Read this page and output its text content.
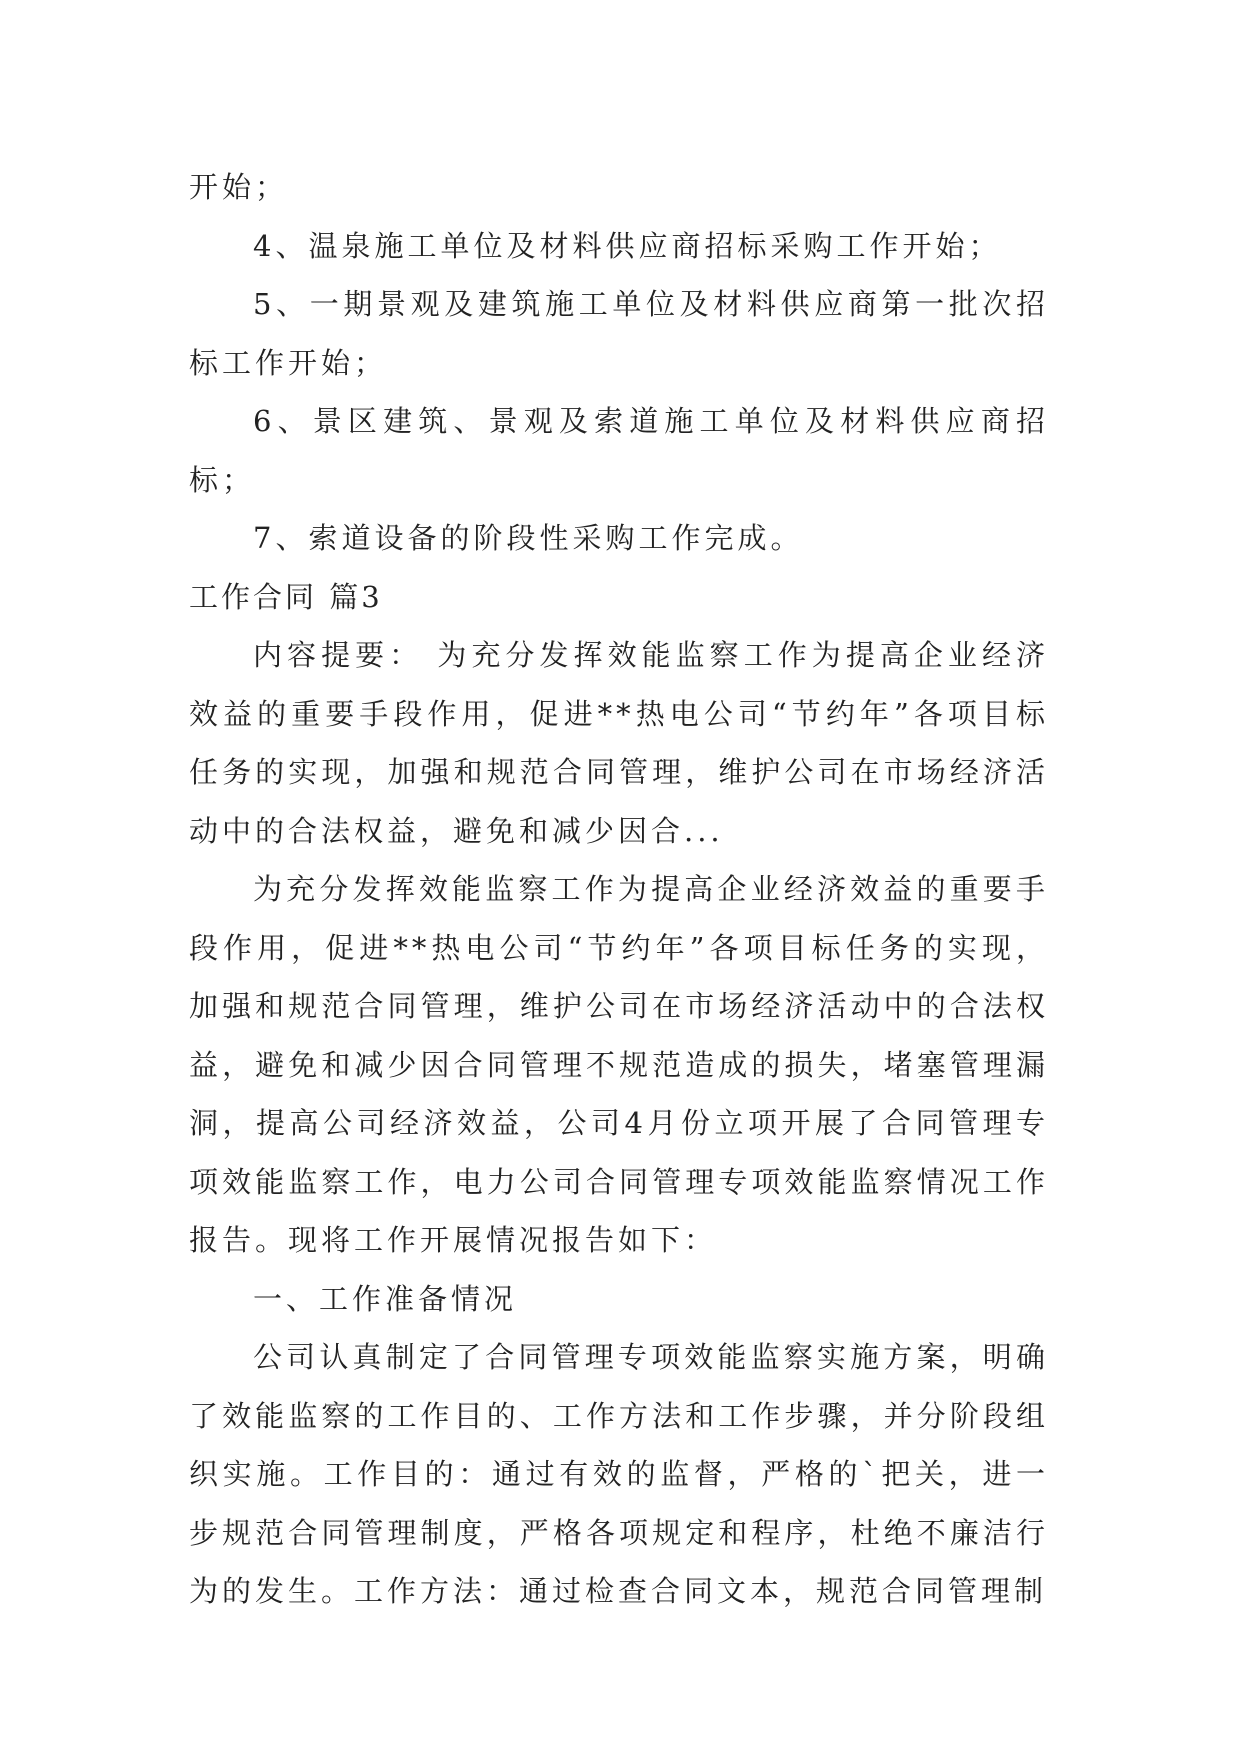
开始；

4、温泉施工单位及材料供应商招标采购工作开始；

5、一期景观及建筑施工单位及材料供应商第一批次招标工作开始；

6、景区建筑、景观及索道施工单位及材料供应商招标；

7、索道设备的阶段性采购工作完成。

工作合同 篇3

内容提要： 为充分发挥效能监察工作为提高企业经济效益的重要手段作用，促进**热电公司“节约年”各项目标任务的实现，加强和规范合同管理，维护公司在市场经济活动中的合法权益，避免和减少因合...

为充分发挥效能监察工作为提高企业经济效益的重要手段作用，促进**热电公司“节约年”各项目标任务的实现，加强和规范合同管理，维护公司在市场经济活动中的合法权益，避免和减少因合同管理不规范造成的损失，堵塞管理漏洞，提高公司经济效益，公司4月份立项开展了合同管理专项效能监察工作，电力公司合同管理专项效能监察情况工作报告。现将工作开展情况报告如下：

一、工作准备情况

公司认真制定了合同管理专项效能监察实施方案，明确了效能监察的工作目的、工作方法和工作步骤，并分阶段组织实施。工作目的：通过有效的监督，严格的`把关，进一步规范合同管理制度，严格各项规定和程序，杜绝不廉洁行为的发生。工作方法：通过检查合同文本，规范合同管理制
